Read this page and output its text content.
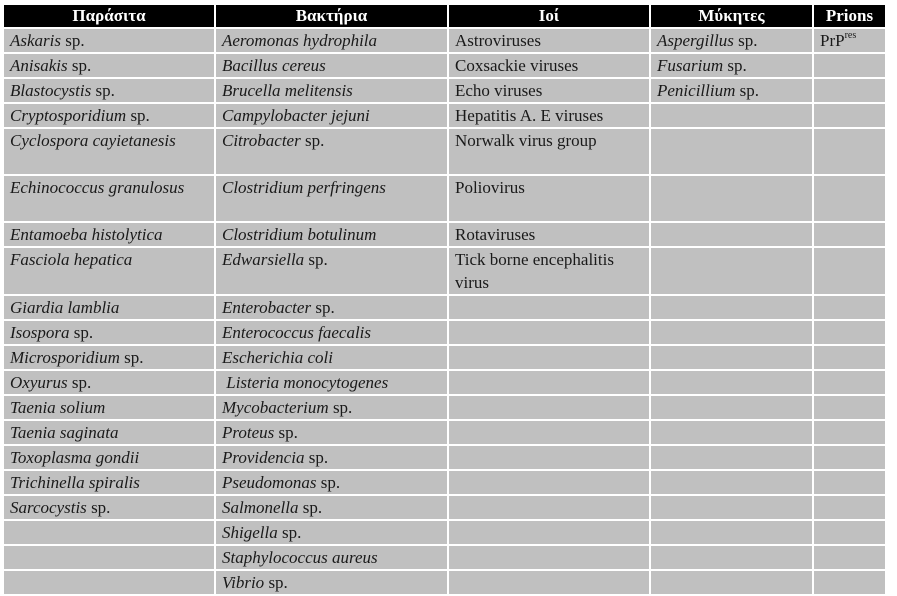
Παράσιτα	Βακτήρια	Ιοί	Μύκητες	Prions
Askaris sp.	Aeromonas hydrophila	Astroviruses	Aspergillus sp.	PrP$^{res}$
Anisakis sp.	Bacillus cereus	Coxsackie viruses	Fusarium sp.	
Blastocystis sp.	Brucella melitensis	Echo viruses	Penicillium sp.	
Cryptosporidium sp.	Campylobacter jejuni	Hepatitis A. E viruses		
Cyclospora cayietanesis	Citrobacter sp.	Norwalk virus group		
Echinococcus granulosus	Clostridium perfringens	Poliovirus		
Entamoeba histolytica	Clostridium botulinum	Rotaviruses		
Fasciola hepatica	Edwarsiella sp.	Tick borne encephalitis virus		
Giardia lamblia	Enterobacter sp.			
Isospora sp.	Enterococcus faecalis			
Microsporidium sp.	Escherichia coli			
Oxyurus sp.	Listeria monocytogenes			
Taenia solium	Mycobacterium sp.			
Taenia saginata	Proteus sp.			
Toxoplasma gondii	Providencia sp.			
Trichinella spiralis	Pseudomonas sp.			
Sarcocystis sp.	Salmonella sp.			
	Shigella sp.			
	Staphylococcus aureus			
	Vibrio sp.			
